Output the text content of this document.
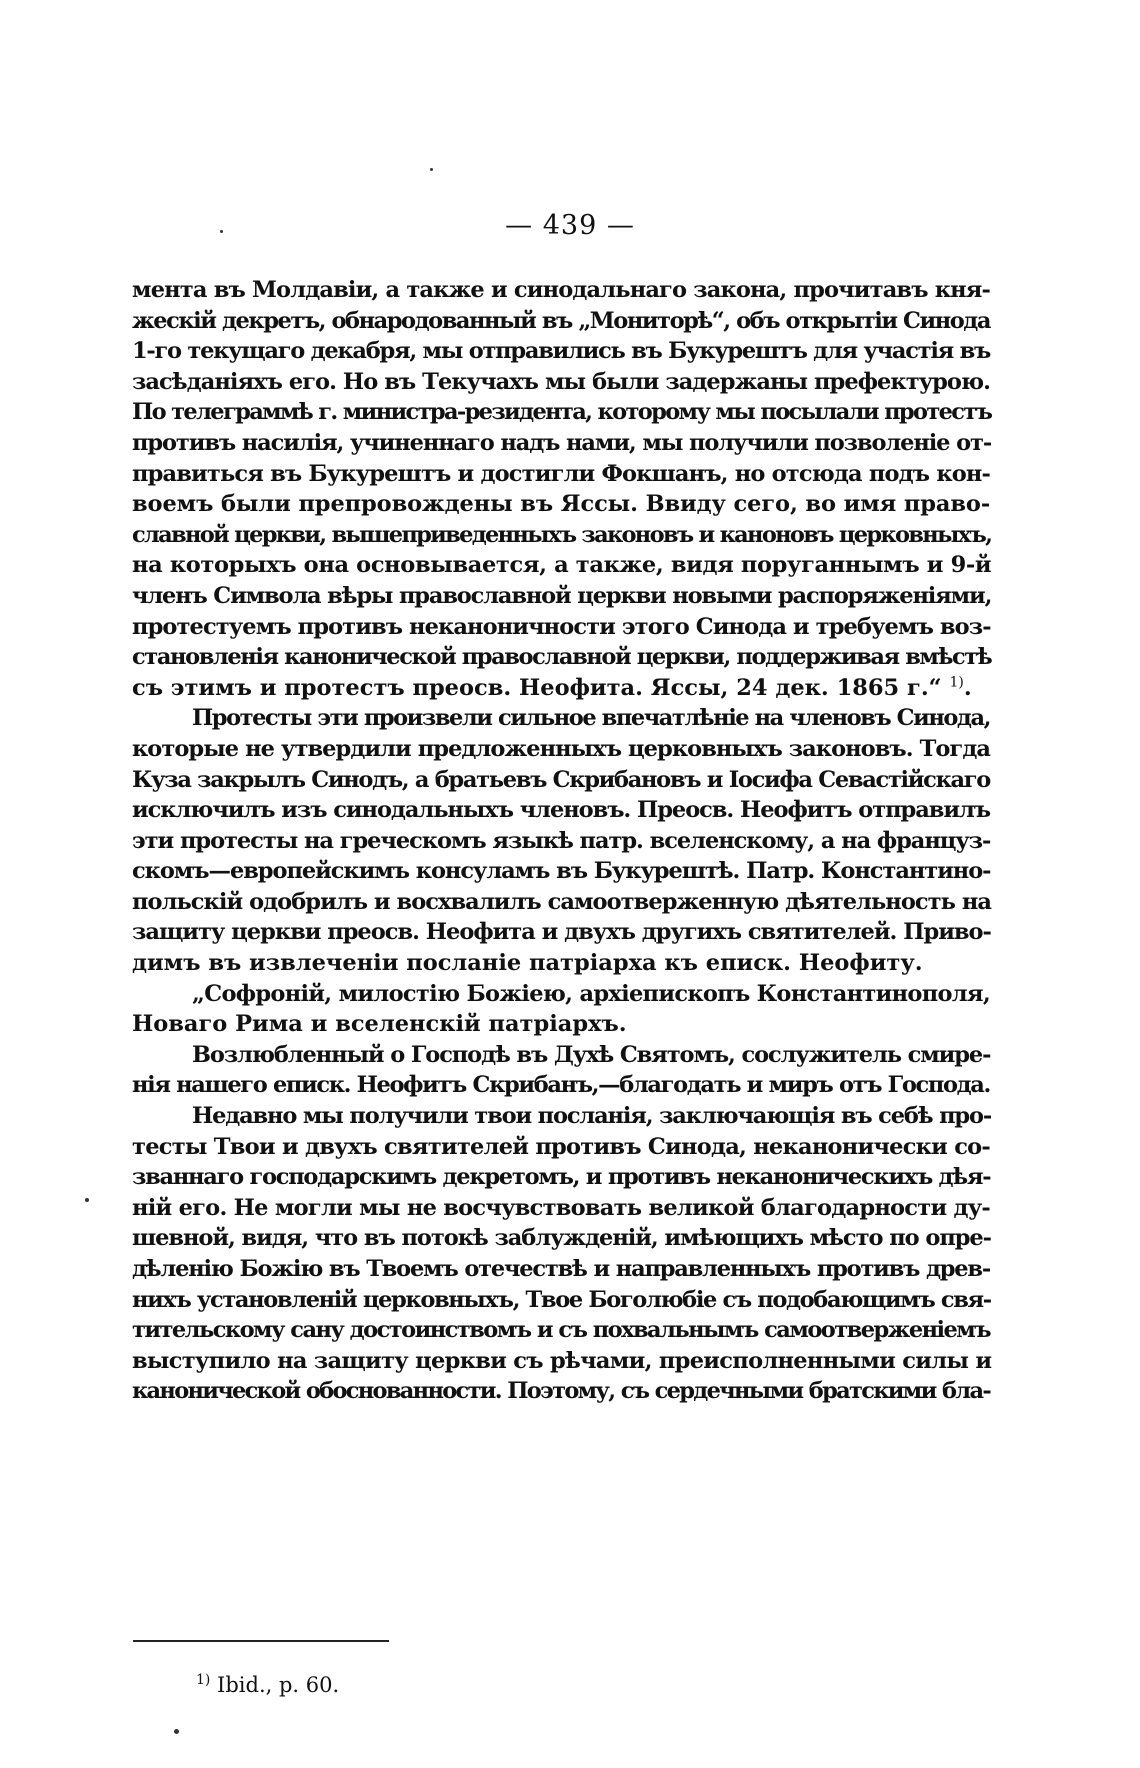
— 439 —
мента въ Молдавіи, а также и синодальнаго закона, прочитавъ кня-
жескій декретъ, обнародованный въ „Мониторѣ“, объ открытіи Синода
1-го текущаго декабря, мы отправились въ Букурештъ для участія въ
засѣданіяхъ его. Но въ Текучахъ мы были задержаны префектурою.
По телеграммѣ г. министра-резидента, которому мы посылали протестъ
противъ насилія, учиненнаго надъ нами, мы получили позволеніе от-
правиться въ Букурештъ и достигли Фокшанъ, но отсюда подъ кон-
воемъ были препровождены въ Яссы. Ввиду сего, во имя право-
славной церкви, вышеприведенныхъ законовъ и каноновъ церковныхъ,
на которыхъ она основывается, а также, видя поруганнымъ и 9-й
членъ Символа вѣры православной церкви новыми распоряженіями,
протестуемъ противъ неканоничности этого Синода и требуемъ воз-
становленія канонической православной церкви, поддерживая вмѣстѣ
съ этимъ и протестъ преосв. Неофита. Яссы, 24 дек. 1865 г.“ $^{1)}$.
Протесты эти произвели сильное впечатлѣніе на членовъ Синода,
которые не утвердили предложенныхъ церковныхъ законовъ. Тогда
Куза закрылъ Синодъ, а братьевъ Скрибановъ и Іосифа Севастійскаго
исключилъ изъ синодальныхъ членовъ. Преосв. Неофитъ отправилъ
эти протесты на греческомъ языкѣ патр. вселенскому, а на француз-
скомъ—европейскимъ консуламъ въ Букурештѣ. Патр. Константино-
польскій одобрилъ и восхвалилъ самоотверженную дѣятельность на
защиту церкви преосв. Неофита и двухъ другихъ святителей. Приво-
димъ въ извлеченіи посланіе патріарха къ еписк. Неофиту.
„Софроній, милостію Божіею, архіепископъ Константинополя,
Новаго Рима и вселенскій патріархъ.
Возлюбленный о Господѣ въ Духѣ Святомъ, сослужитель смире-
нія нашего еписк. Неофитъ Скрибанъ,—благодать и миръ отъ Господа.
Недавно мы получили твои посланія, заключающія въ себѣ про-
тесты Твои и двухъ святителей противъ Синода, неканонически со-
званнаго господарскимъ декретомъ, и противъ неканоническихъ дѣя-
ній его. Не могли мы не восчувствовать великой благодарности ду-
шевной, видя, что въ потокѣ заблужденій, имѣющихъ мѣсто по опре-
дѣленію Божію въ Твоемъ отечествѣ и направленныхъ противъ древ-
нихъ установленій церковныхъ, Твое Боголюбіе съ подобающимъ свя-
тительскому сану достоинствомъ и съ похвальнымъ самоотверженіемъ
выступило на защиту церкви съ рѣчами, преисполненными силы и
канонической обоснованности. Поэтому, съ сердечными братскими бла-
$^{1)}$ Ibid., p. 60.
